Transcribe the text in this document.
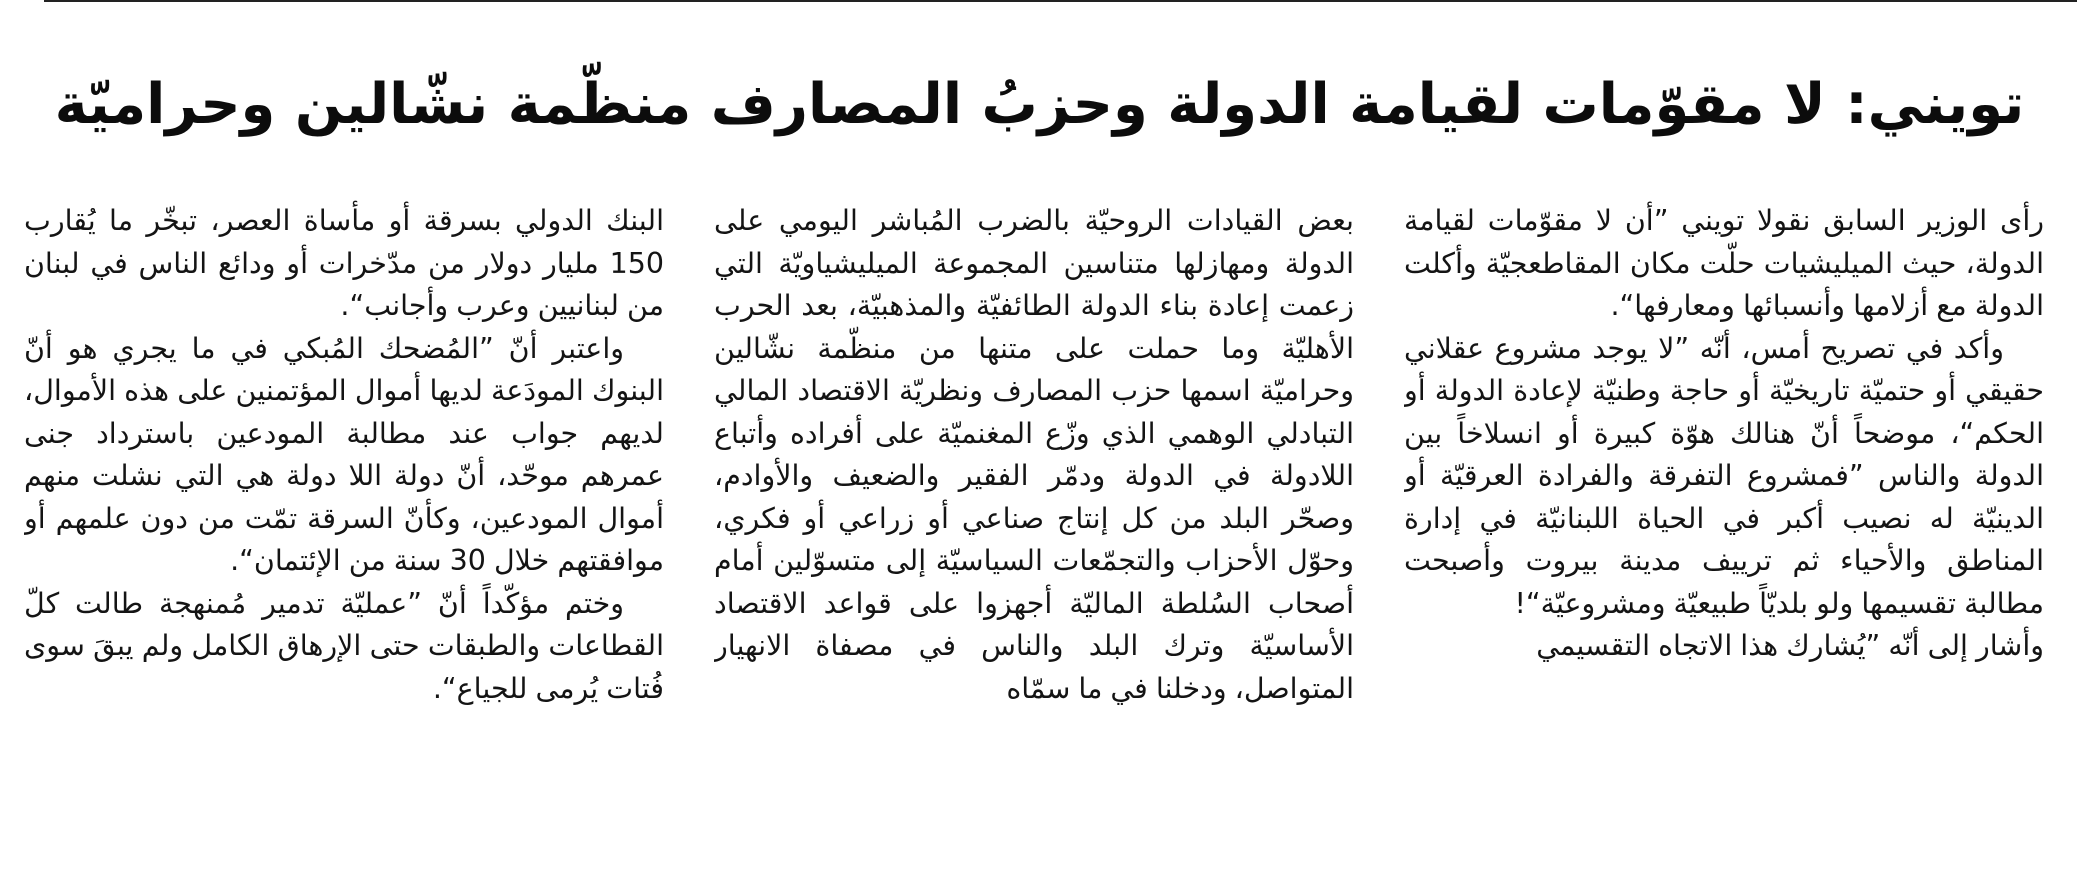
تويني: لا مقوّمات لقيامة الدولة وحزبُ المصارف منظّمة نشّالين وحراميّة

رأى الوزير السابق نقولا تويني ”أن لا مقوّمات لقيامة الدولة، حيث الميليشيات حلّت مكان المقاطعجيّة وأكلت الدولة مع أزلامها وأنسبائها ومعارفها“.

وأكد في تصريح أمس، أنّه ”لا يوجد مشروع عقلاني حقيقي أو حتميّة تاريخيّة أو حاجة وطنيّة لإعادة الدولة أو الحكم“، موضحاً أنّ هنالك هوّة كبيرة أو انسلاخاً بين الدولة والناس ”فمشروع التفرقة والفرادة العرقيّة أو الدينيّة له نصيب أكبر في الحياة اللبنانيّة في إدارة المناطق والأحياء ثم ترييف مدينة بيروت وأصبحت مطالبة تقسيمها ولو بلديّاً طبيعيّة ومشروعيّة“!

وأشار إلى أنّه ”يُشارك هذا الاتجاه التقسيمي

بعض القيادات الروحيّة بالضرب المُباشر اليومي على الدولة ومهازلها متناسين المجموعة الميليشياويّة التي زعمت إعادة بناء الدولة الطائفيّة والمذهبيّة، بعد الحرب الأهليّة وما حملت على متنها من منظّمة نشّالين وحراميّة اسمها حزب المصارف ونظريّة الاقتصاد المالي التبادلي الوهمي الذي وزّع المغنميّة على أفراده وأتباع اللادولة في الدولة ودمّر الفقير والضعيف والأوادم، وصحّر البلد من كل إنتاج صناعي أو زراعي أو فكري، وحوّل الأحزاب والتجمّعات السياسيّة إلى متسوّلين أمام أصحاب السُلطة الماليّة أجهزوا على قواعد الاقتصاد الأساسيّة وترك البلد والناس في مصفاة الانهيار المتواصل، ودخلنا في ما سمّاه

البنك الدولي بسرقة أو مأساة العصر، تبخّر ما يُقارب 150 مليار دولار من مدّخرات أو ودائع الناس في لبنان من لبنانيين وعرب وأجانب“.

واعتبر أنّ ”المُضحك المُبكي في ما يجري هو أنّ البنوك المودَعة لديها أموال المؤتمنين على هذه الأموال، لديهم جواب عند مطالبة المودعين باسترداد جنى عمرهم موحّد، أنّ دولة اللا دولة هي التي نشلت منهم أموال المودعين، وكأنّ السرقة تمّت من دون علمهم أو موافقتهم خلال 30 سنة من الإئتمان“.

وختم مؤكّداً أنّ ”عمليّة تدمير مُمنهجة طالت كلّ القطاعات والطبقات حتى الإرهاق الكامل ولم يبقَ سوى فُتات يُرمى للجياع“.
